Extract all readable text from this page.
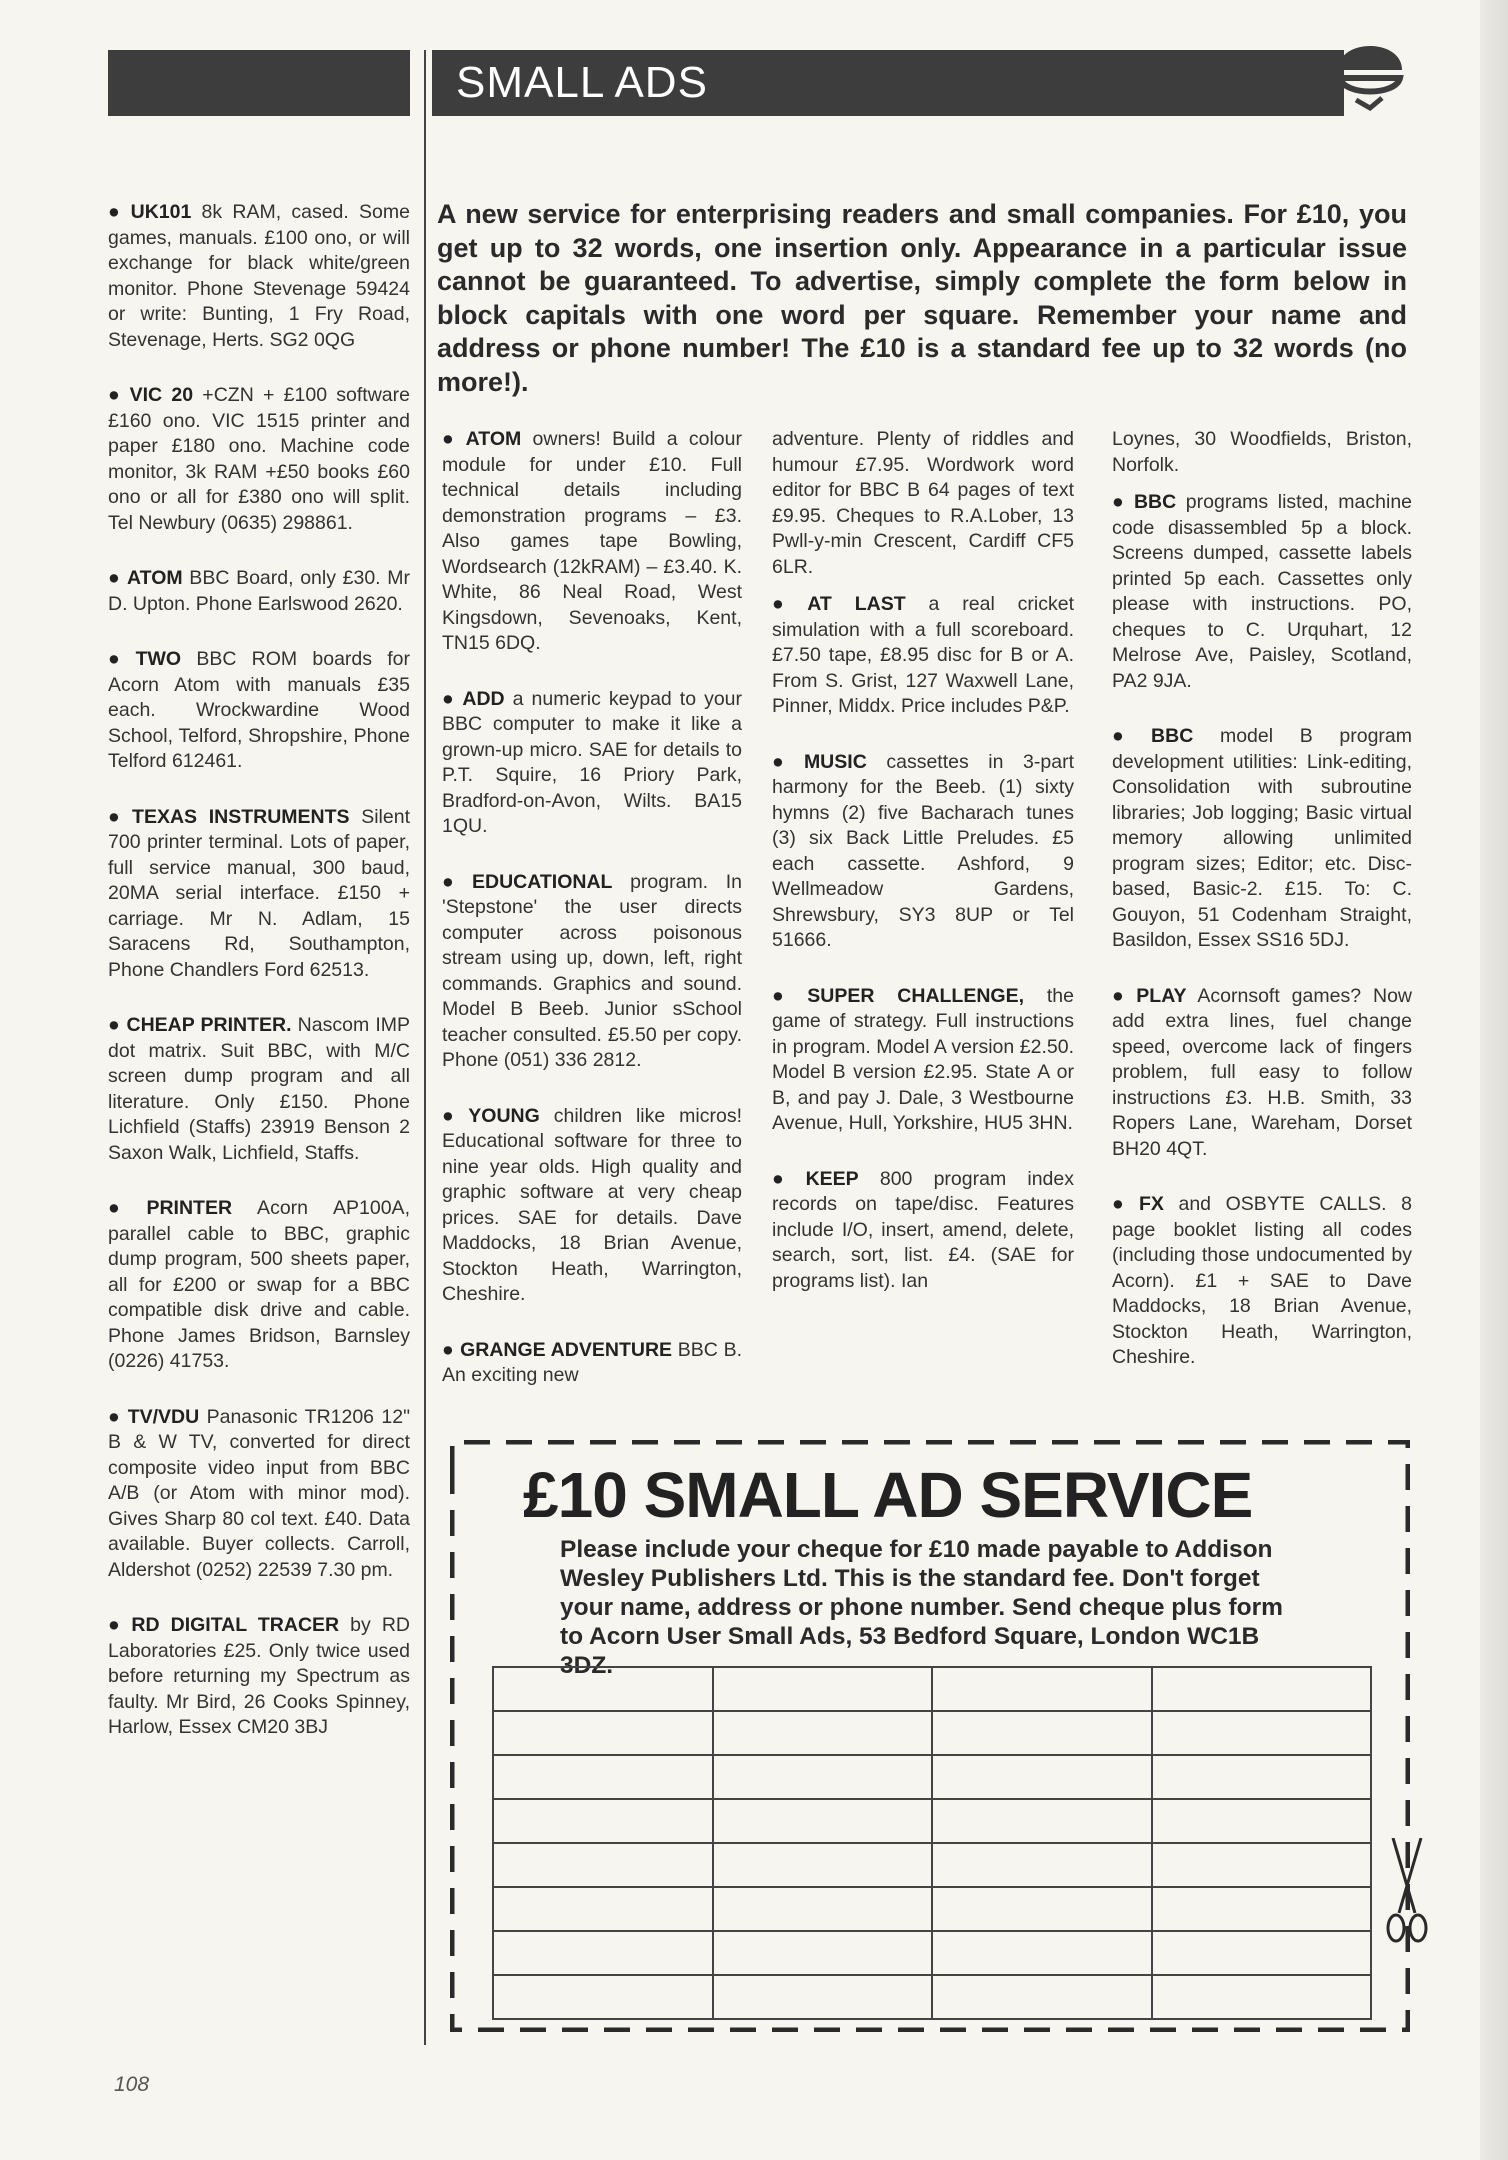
SMALL ADS
A new service for enterprising readers and small companies. For £10, you get up to 32 words, one insertion only. Appearance in a particular issue cannot be guaranteed. To advertise, simply complete the form below in block capitals with one word per square. Remember your name and address or phone number! The £10 is a standard fee up to 32 words (no more!).
● UK101 8k RAM, cased. Some games, manuals. £100 ono, or will exchange for black white/green monitor. Phone Stevenage 59424 or write: Bunting, 1 Fry Road, Stevenage, Herts. SG2 0QG
● VIC 20 +CZN + £100 software £160 ono. VIC 1515 printer and paper £180 ono. Machine code monitor, 3k RAM +£50 books £60 ono or all for £380 ono will split. Tel Newbury (0635) 298861.
● ATOM BBC Board, only £30. Mr D. Upton. Phone Earlswood 2620.
● TWO BBC ROM boards for Acorn Atom with manuals £35 each. Wrockwardine Wood School, Telford, Shropshire, Phone Telford 612461.
● TEXAS INSTRUMENTS Silent 700 printer terminal. Lots of paper, full service manual, 300 baud, 20MA serial interface. £150 + carriage. Mr N. Adlam, 15 Saracens Rd, Southampton, Phone Chandlers Ford 62513.
● CHEAP PRINTER. Nascom IMP dot matrix. Suit BBC, with M/C screen dump program and all literature. Only £150. Phone Lichfield (Staffs) 23919 Benson 2 Saxon Walk, Lichfield, Staffs.
● PRINTER Acorn AP100A, parallel cable to BBC, graphic dump program, 500 sheets paper, all for £200 or swap for a BBC compatible disk drive and cable. Phone James Bridson, Barnsley (0226) 41753.
● TV/VDU Panasonic TR1206 12" B & W TV, converted for direct composite video input from BBC A/B (or Atom with minor mod). Gives Sharp 80 col text. £40. Data available. Buyer collects. Carroll, Aldershot (0252) 22539 7.30 pm.
● RD DIGITAL TRACER by RD Laboratories £25. Only twice used before returning my Spectrum as faulty. Mr Bird, 26 Cooks Spinney, Harlow, Essex CM20 3BJ
● ATOM owners! Build a colour module for under £10. Full technical details including demonstration programs – £3. Also games tape Bowling, Wordsearch (12kRAM) – £3.40. K. White, 86 Neal Road, West Kingsdown, Sevenoaks, Kent, TN15 6DQ.
● ADD a numeric keypad to your BBC computer to make it like a grown-up micro. SAE for details to P.T. Squire, 16 Priory Park, Bradford-on-Avon, Wilts. BA15 1QU.
● EDUCATIONAL program. In 'Stepstone' the user directs computer across poisonous stream using up, down, left, right commands. Graphics and sound. Model B Beeb. Junior sSchool teacher consulted. £5.50 per copy. Phone (051) 336 2812.
● YOUNG children like micros! Educational software for three to nine year olds. High quality and graphic software at very cheap prices. SAE for details. Dave Maddocks, 18 Brian Avenue, Stockton Heath, Warrington, Cheshire.
● GRANGE ADVENTURE BBC B. An exciting new
adventure. Plenty of riddles and humour £7.95. Wordwork word editor for BBC B 64 pages of text £9.95. Cheques to R.A.Lober, 13 Pwll-y-min Crescent, Cardiff CF5 6LR.
● AT LAST a real cricket simulation with a full scoreboard. £7.50 tape, £8.95 disc for B or A. From S. Grist, 127 Waxwell Lane, Pinner, Middx. Price includes P&P.
● MUSIC cassettes in 3-part harmony for the Beeb. (1) sixty hymns (2) five Bacharach tunes (3) six Back Little Preludes. £5 each cassette. Ashford, 9 Wellmeadow Gardens, Shrewsbury, SY3 8UP or Tel 51666.
● SUPER CHALLENGE, the game of strategy. Full instructions in program. Model A version £2.50. Model B version £2.95. State A or B, and pay J. Dale, 3 Westbourne Avenue, Hull, Yorkshire, HU5 3HN.
● KEEP 800 program index records on tape/disc. Features include I/O, insert, amend, delete, search, sort, list. £4. (SAE for programs list). Ian
Loynes, 30 Woodfields, Briston, Norfolk.
● BBC programs listed, machine code disassembled 5p a block. Screens dumped, cassette labels printed 5p each. Cassettes only please with instructions. PO, cheques to C. Urquhart, 12 Melrose Ave, Paisley, Scotland, PA2 9JA.
● BBC model B program development utilities: Link-editing, Consolidation with subroutine libraries; Job logging; Basic virtual memory allowing unlimited program sizes; Editor; etc. Disc-based, Basic-2. £15. To: C. Gouyon, 51 Codenham Straight, Basildon, Essex SS16 5DJ.
● PLAY Acornsoft games? Now add extra lines, fuel change speed, overcome lack of fingers problem, full easy to follow instructions £3. H.B. Smith, 33 Ropers Lane, Wareham, Dorset BH20 4QT.
● FX and OSBYTE CALLS. 8 page booklet listing all codes (including those undocumented by Acorn). £1 + SAE to Dave Maddocks, 18 Brian Avenue, Stockton Heath, Warrington, Cheshire.
£10 SMALL AD SERVICE
Please include your cheque for £10 made payable to Addison Wesley Publishers Ltd. This is the standard fee. Don't forget your name, address or phone number. Send cheque plus form to Acorn User Small Ads, 53 Bedford Square, London WC1B 3DZ.

108
